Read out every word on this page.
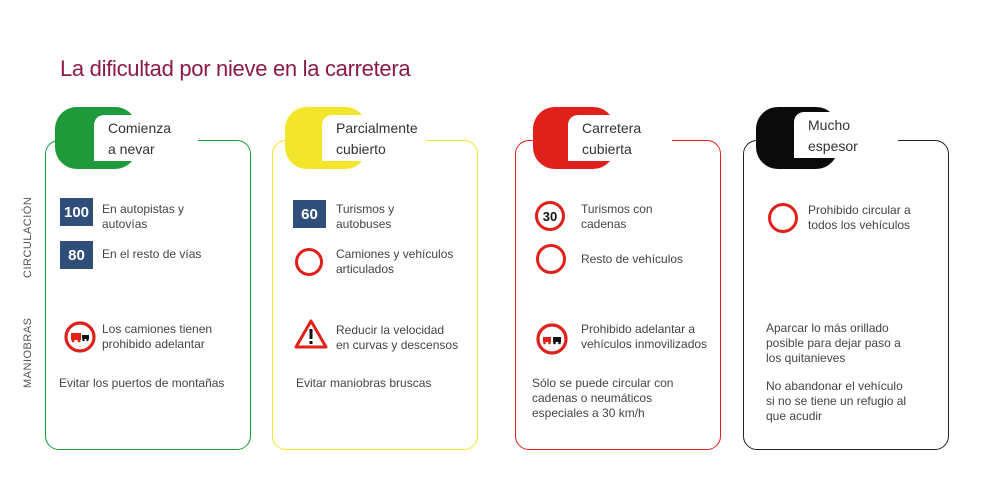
La dificultad por nieve en la carretera
CIRCULACIÓN
MANIOBRAS
Comienza
a nevar
100	En autopistas y
autovías
80	En el resto de vías
Los camiones tienen
prohibido adelantar
Evitar los puertos de montañas
Parcialmente
cubierto
60	Turismos y
autobuses
Camiones y vehículos
articulados
Reducir la velocidad
en curvas y descensos
Evitar maniobras bruscas
Carretera
cubierta
30	Turismos con
cadenas
Resto de vehículos
Prohibido adelantar a
vehículos inmovilizados
Sólo se puede circular con
cadenas o neumáticos
especiales a 30 km/h
Mucho
espesor
Prohibido circular a
todos los vehículos
Aparcar lo más orillado
posible para dejar paso a
los quitanieves
No abandonar el vehículo
si no se tiene un refugio al
que acudir
